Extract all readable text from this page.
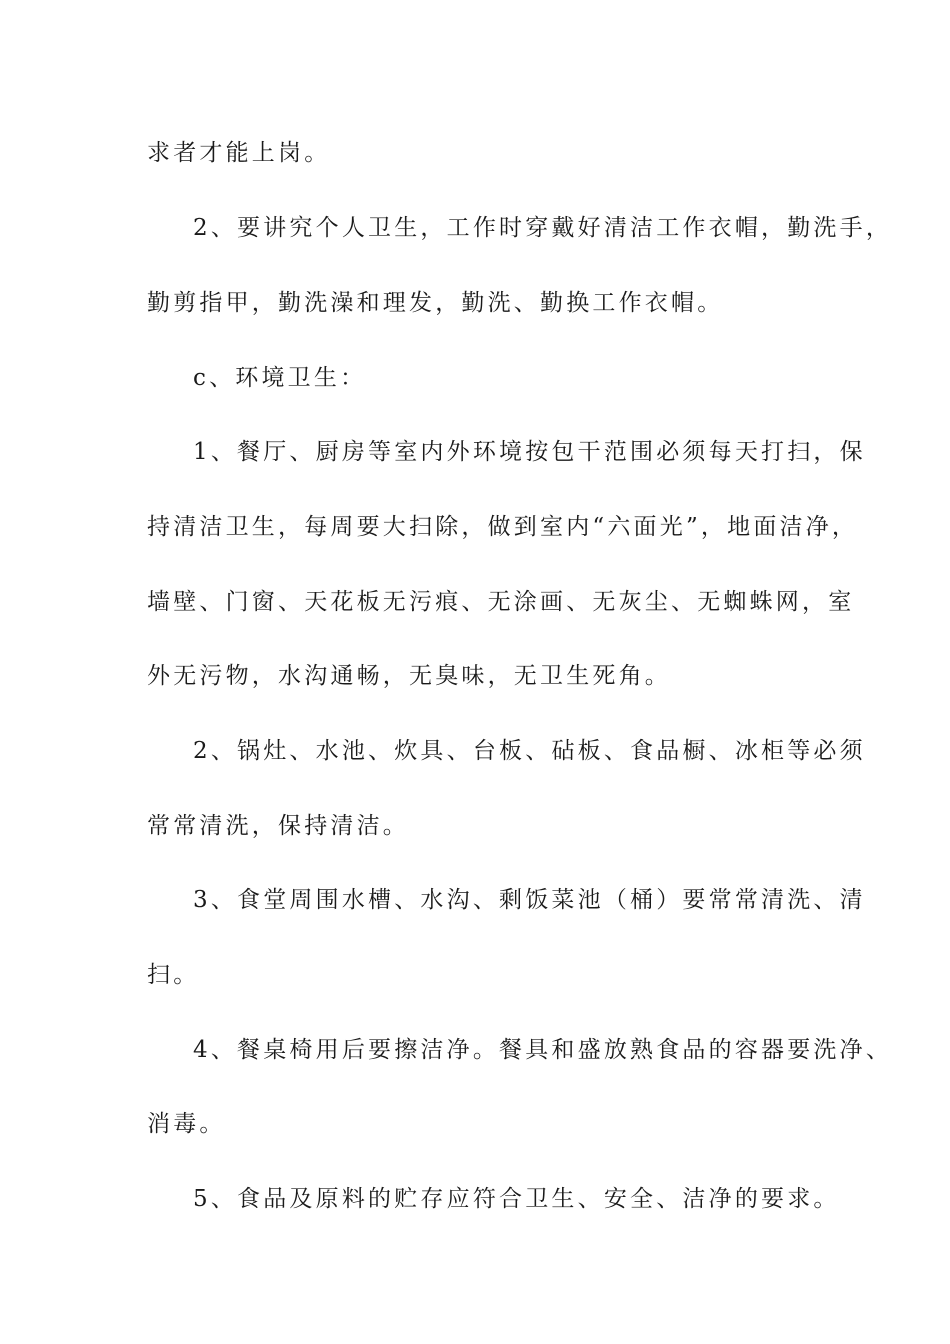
求者才能上岗。
2、要讲究个人卫生，工作时穿戴好清洁工作衣帽，勤洗手，
勤剪指甲，勤洗澡和理发，勤洗、勤换工作衣帽。
c、环境卫生：
1、餐厅、厨房等室内外环境按包干范围必须每天打扫，保
持清洁卫生，每周要大扫除，做到室内“六面光”，地面洁净，
墙壁、门窗、天花板无污痕、无涂画、无灰尘、无蜘蛛网，室
外无污物，水沟通畅，无臭味，无卫生死角。
2、锅灶、水池、炊具、台板、砧板、食品橱、冰柜等必须
常常清洗，保持清洁。
3、食堂周围水槽、水沟、剩饭菜池（桶）要常常清洗、清
扫。
4、餐桌椅用后要擦洁净。餐具和盛放熟食品的容器要洗净、
消毒。
5、食品及原料的贮存应符合卫生、安全、洁净的要求。
